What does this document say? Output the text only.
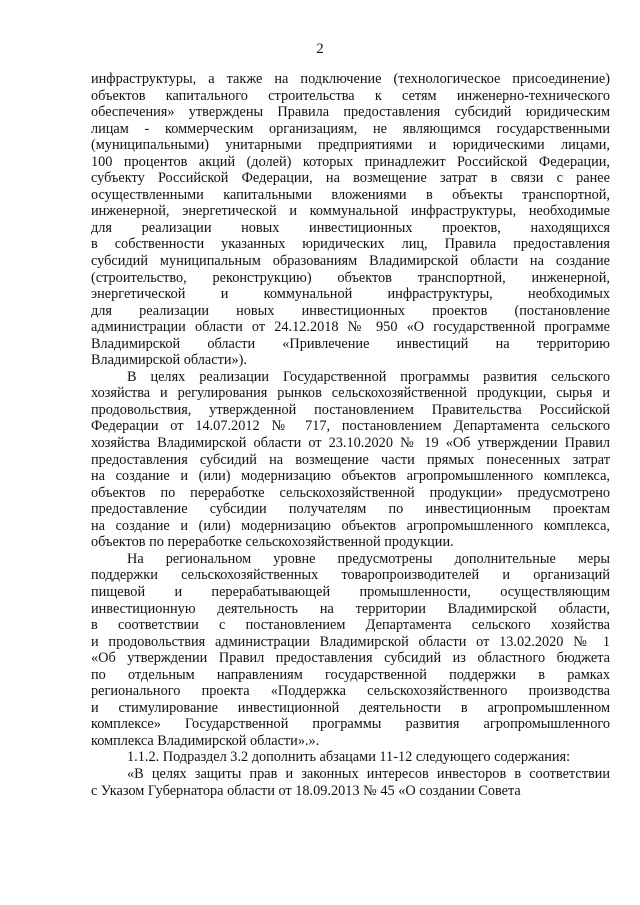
2

инфраструктуры, а также на подключение (технологическое присоединение)
объектов капитального строительства к сетям инженерно-технического
обеспечения» утверждены Правила предоставления субсидий юридическим
лицам - коммерческим организациям, не являющимся государственными
(муниципальными) унитарными предприятиями и юридическими лицами,
100 процентов акций (долей) которых принадлежит Российской Федерации,
субъекту Российской Федерации, на возмещение затрат в связи с ранее
осуществленными капитальными вложениями в объекты транспортной,
инженерной, энергетической и коммунальной инфраструктуры, необходимые
для реализации новых инвестиционных проектов, находящихся
в собственности указанных юридических лиц, Правила предоставления
субсидий муниципальным образованиям Владимирской области на создание
(строительство, реконструкцию) объектов транспортной, инженерной,
энергетической и коммунальной инфраструктуры, необходимых
для реализации новых инвестиционных проектов (постановление
администрации области от 24.12.2018 № 950 «О государственной программе
Владимирской области «Привлечение инвестиций на территорию
Владимирской области»).

В целях реализации Государственной программы развития сельского
хозяйства и регулирования рынков сельскохозяйственной продукции, сырья и
продовольствия, утвержденной постановлением Правительства Российской
Федерации от 14.07.2012 № 717, постановлением Департамента сельского
хозяйства Владимирской области от 23.10.2020 № 19 «Об утверждении Правил
предоставления субсидий на возмещение части прямых понесенных затрат
на создание и (или) модернизацию объектов агропромышленного комплекса,
объектов по переработке сельскохозяйственной продукции» предусмотрено
предоставление субсидии получателям по инвестиционным проектам
на создание и (или) модернизацию объектов агропромышленного комплекса,
объектов по переработке сельскохозяйственной продукции.

На региональном уровне предусмотрены дополнительные меры
поддержки сельскохозяйственных товаропроизводителей и организаций
пищевой и перерабатывающей промышленности, осуществляющим
инвестиционную деятельность на территории Владимирской области,
в соответствии с постановлением Департамента сельского хозяйства
и продовольствия администрации Владимирской области от 13.02.2020 № 1
«Об утверждении Правил предоставления субсидий из областного бюджета
по отдельным направлениям государственной поддержки в рамках
регионального проекта «Поддержка сельскохозяйственного производства
и стимулирование инвестиционной деятельности в агропромышленном
комплексе» Государственной программы развития агропромышленного
комплекса Владимирской области».».

1.1.2. Подраздел 3.2 дополнить абзацами 11-12 следующего содержания:

«В целях защиты прав и законных интересов инвесторов в соответствии
с Указом Губернатора области от 18.09.2013 № 45 «О создании Совета
